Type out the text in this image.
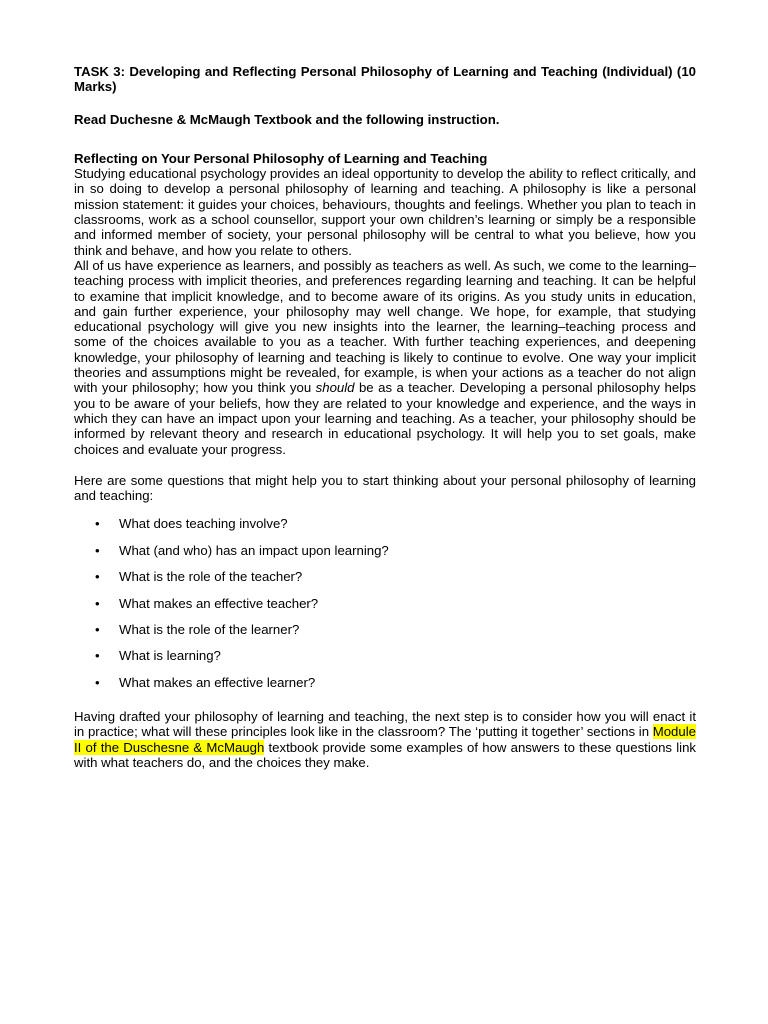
TASK 3: Developing and Reflecting Personal Philosophy of Learning and Teaching (Individual) (10 Marks)

Read Duchesne & McMaugh Textbook and the following instruction.

Reflecting on Your Personal Philosophy of Learning and Teaching

Studying educational psychology provides an ideal opportunity to develop the ability to reflect critically, and in so doing to develop a personal philosophy of learning and teaching. A philosophy is like a personal mission statement: it guides your choices, behaviours, thoughts and feelings. Whether you plan to teach in classrooms, work as a school counsellor, support your own children’s learning or simply be a responsible and informed member of society, your personal philosophy will be central to what you believe, how you think and behave, and how you relate to others.

All of us have experience as learners, and possibly as teachers as well. As such, we come to the learning–teaching process with implicit theories, and preferences regarding learning and teaching. It can be helpful to examine that implicit knowledge, and to become aware of its origins. As you study units in education, and gain further experience, your philosophy may well change. We hope, for example, that studying educational psychology will give you new insights into the learner, the learning–teaching process and some of the choices available to you as a teacher. With further teaching experiences, and deepening knowledge, your philosophy of learning and teaching is likely to continue to evolve. One way your implicit theories and assumptions might be revealed, for example, is when your actions as a teacher do not align with your philosophy; how you think you should be as a teacher. Developing a personal philosophy helps you to be aware of your beliefs, how they are related to your knowledge and experience, and the ways in which they can have an impact upon your learning and teaching. As a teacher, your philosophy should be informed by relevant theory and research in educational psychology. It will help you to set goals, make choices and evaluate your progress.

Here are some questions that might help you to start thinking about your personal philosophy of learning and teaching:

• What does teaching involve?
• What (and who) has an impact upon learning?
• What is the role of the teacher?
• What makes an effective teacher?
• What is the role of the learner?
• What is learning?
• What makes an effective learner?

Having drafted your philosophy of learning and teaching, the next step is to consider how you will enact it in practice; what will these principles look like in the classroom? The ‘putting it together’ sections in Module II of the Duschesne & McMaugh textbook provide some examples of how answers to these questions link with what teachers do, and the choices they make.
